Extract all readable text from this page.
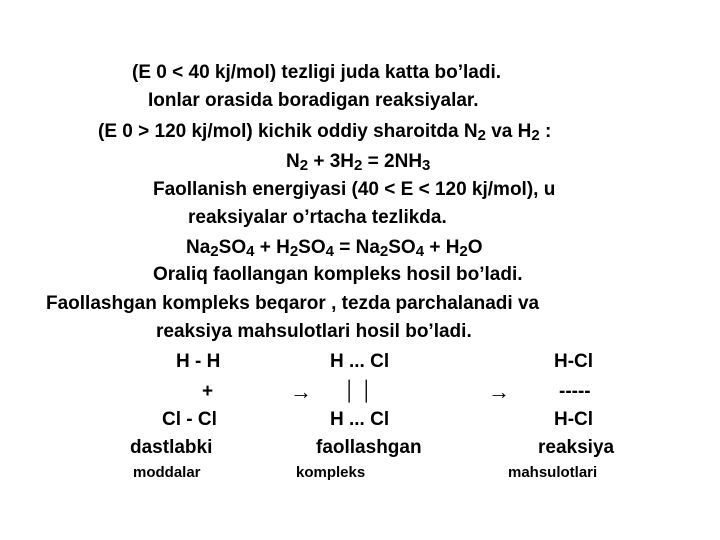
(E 0 < 40 kj/mol) tezligi juda katta bo’ladi.
Ionlar orasida boradigan reaksiyalar.
(E 0 > 120 kj/mol) kichik oddiy sharoitda N2 va H2 :
N2 + 3H2 = 2NH3
Faollanish energiyasi (40 < E < 120 kj/mol), u
reaksiyalar o’rtacha tezlikda.
Na2SO4 + H2SO4 = Na2SO4 + H2O
Oraliq faollangan kompleks hosil bo’ladi.
Faollashgan kompleks beqaror , tezda parchalanadi va
reaksiya mahsulotlari hosil bo’ladi.
H - H
+
Cl - Cl
dastlabki
moddalar
→
H ... Cl
│ │
H ... Cl
faollashgan
kompleks
→
H-Cl
-----
H-Cl
reaksiya
mahsulotlari
